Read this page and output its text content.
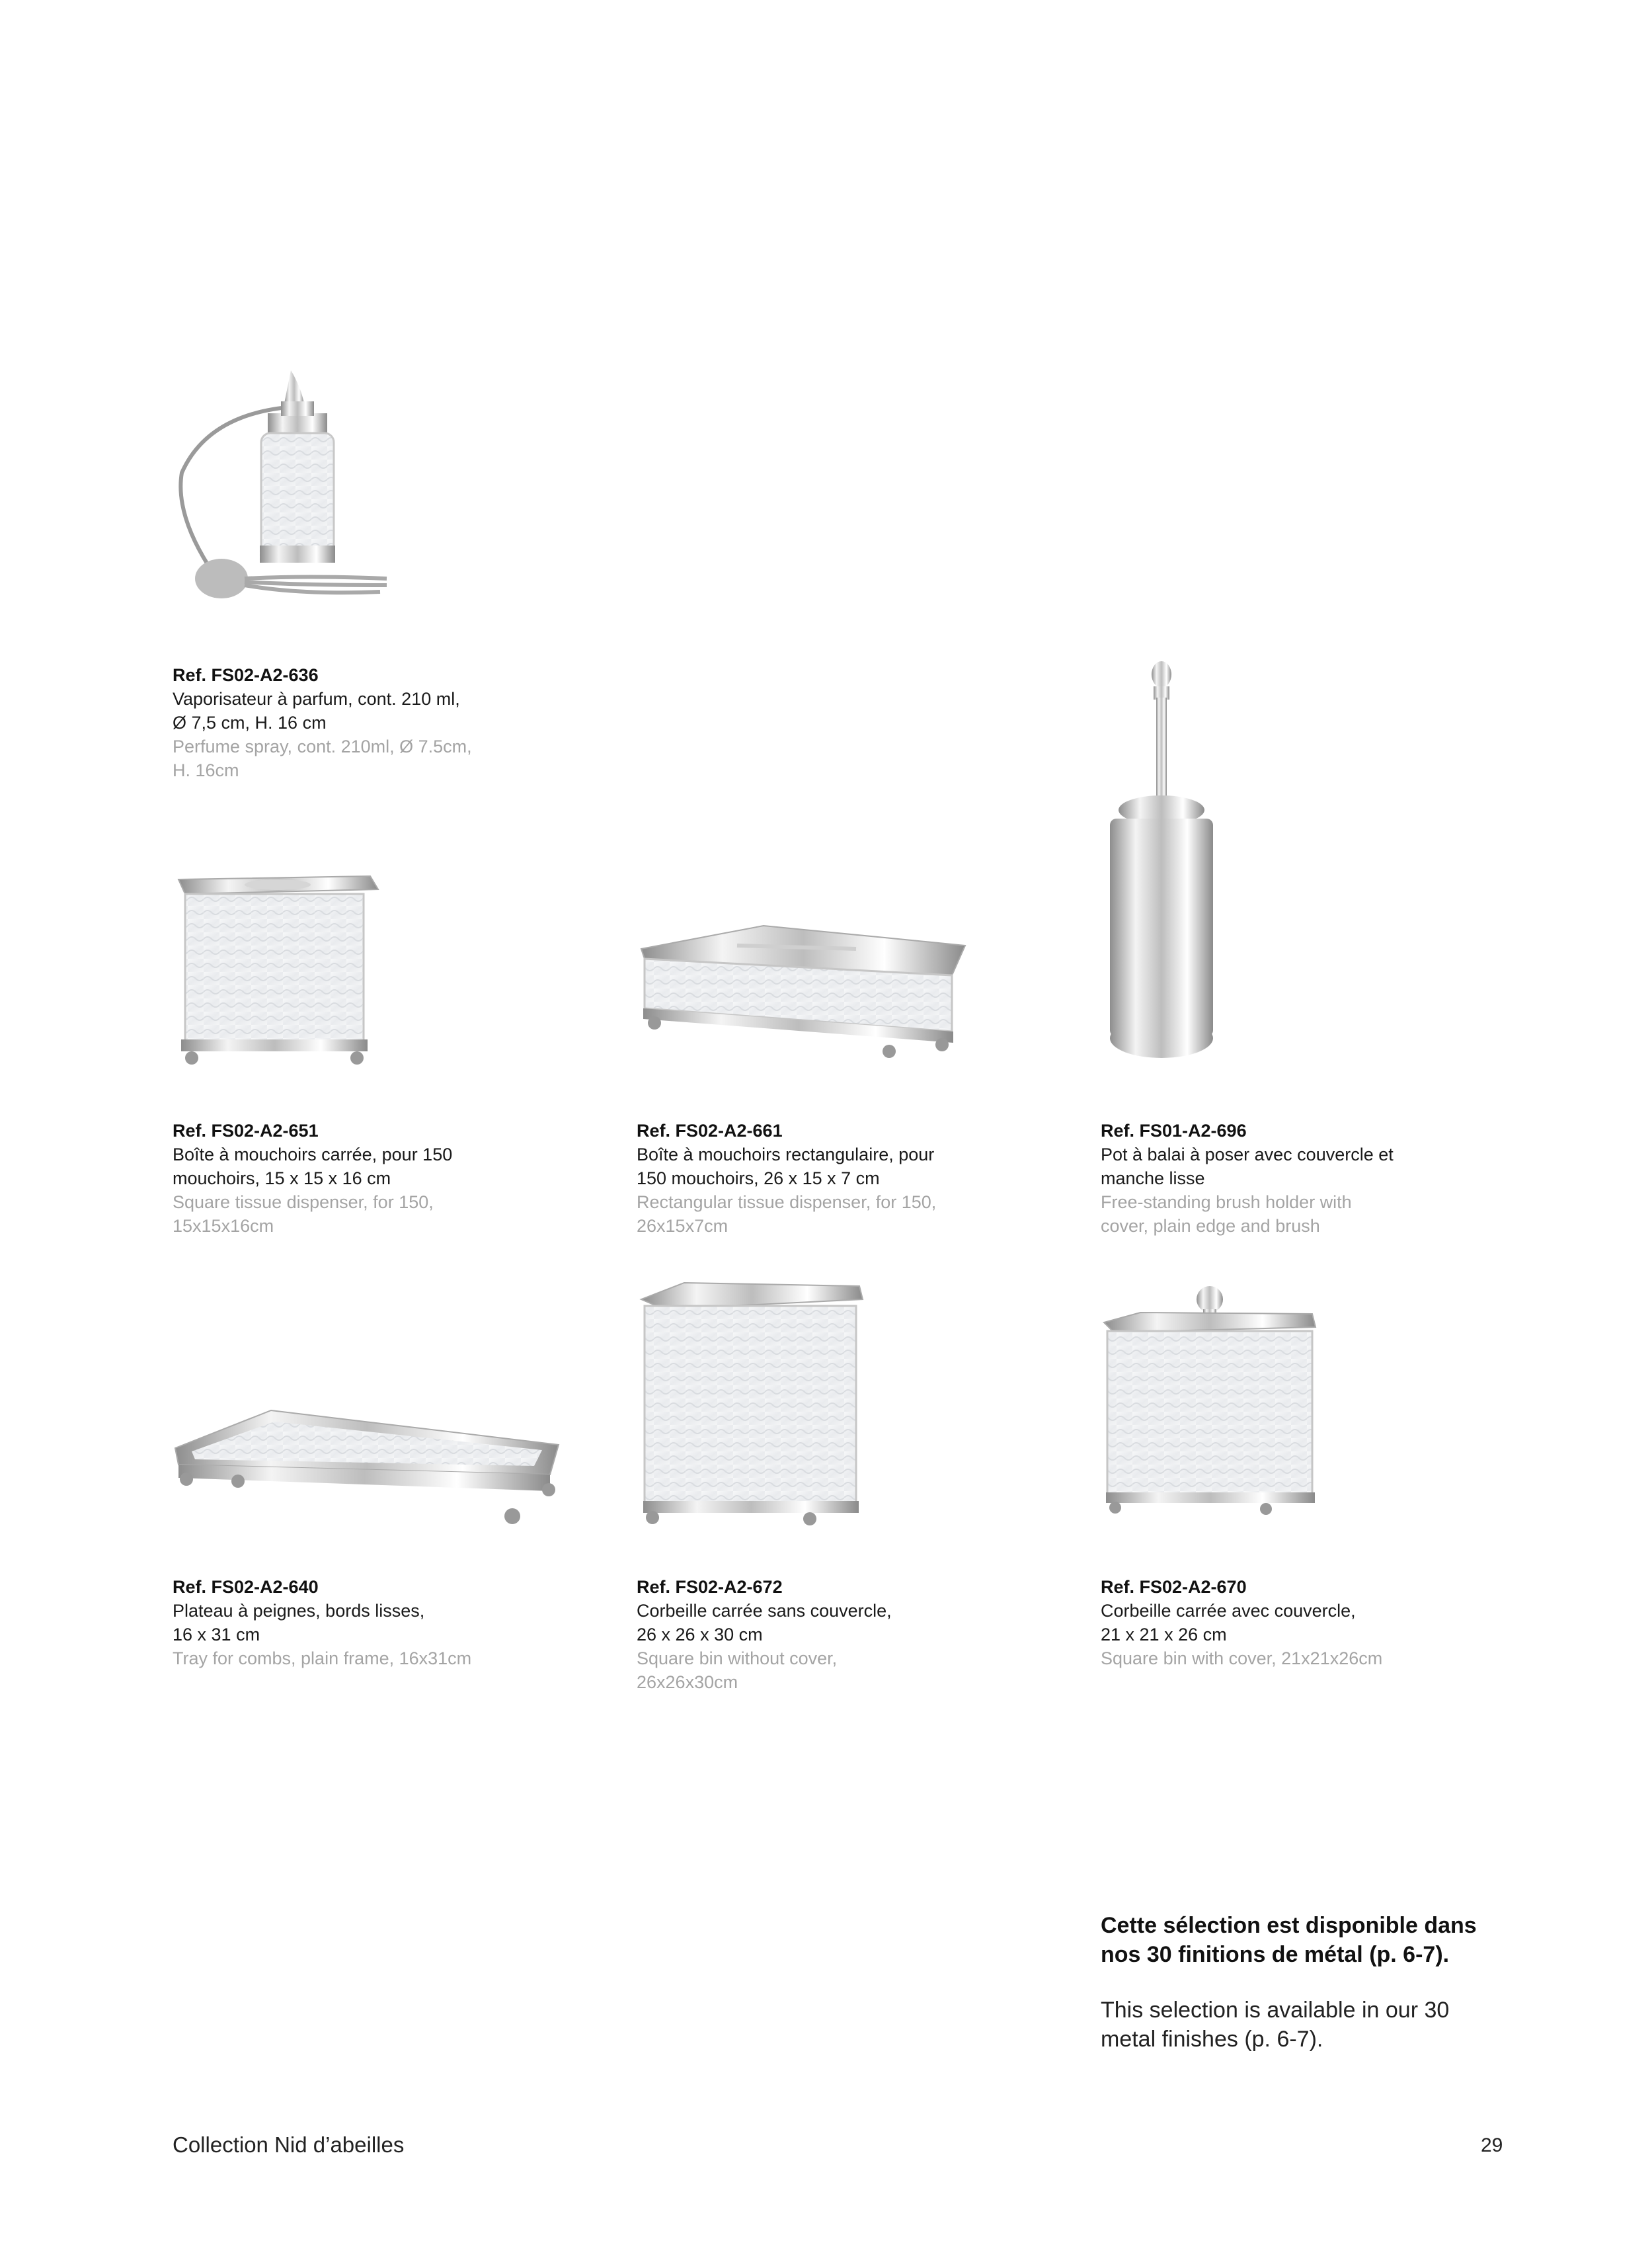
Ref. FS02-A2-636
Vaporisateur à parfum, cont. 210 ml,
Ø 7,5 cm, H. 16 cm
Perfume spray, cont. 210ml, Ø 7.5cm,
H. 16cm
Ref. FS02-A2-651
Boîte à mouchoirs carrée, pour 150
mouchoirs, 15 x 15 x 16 cm
Square tissue dispenser, for 150,
15x15x16cm
Ref. FS02-A2-661
Boîte à mouchoirs rectangulaire, pour
150 mouchoirs, 26 x 15 x 7 cm
Rectangular tissue dispenser, for 150,
26x15x7cm
Ref. FS01-A2-696
Pot à balai à poser avec couvercle et
manche lisse
Free-standing brush holder with
cover, plain edge and brush
Ref. FS02-A2-640
Plateau à peignes, bords lisses,
16 x 31 cm
Tray for combs, plain frame, 16x31cm
Ref. FS02-A2-672
Corbeille carrée sans couvercle,
26 x 26 x 30 cm
Square bin without cover,
26x26x30cm
Ref. FS02-A2-670
Corbeille carrée avec couvercle,
21 x 21 x 26 cm
Square bin with cover, 21x21x26cm
Cette sélection est disponible dans
nos 30 finitions de métal (p. 6-7).
This selection is available in our 30
metal finishes (p. 6-7).
Collection Nid d’abeilles	29
